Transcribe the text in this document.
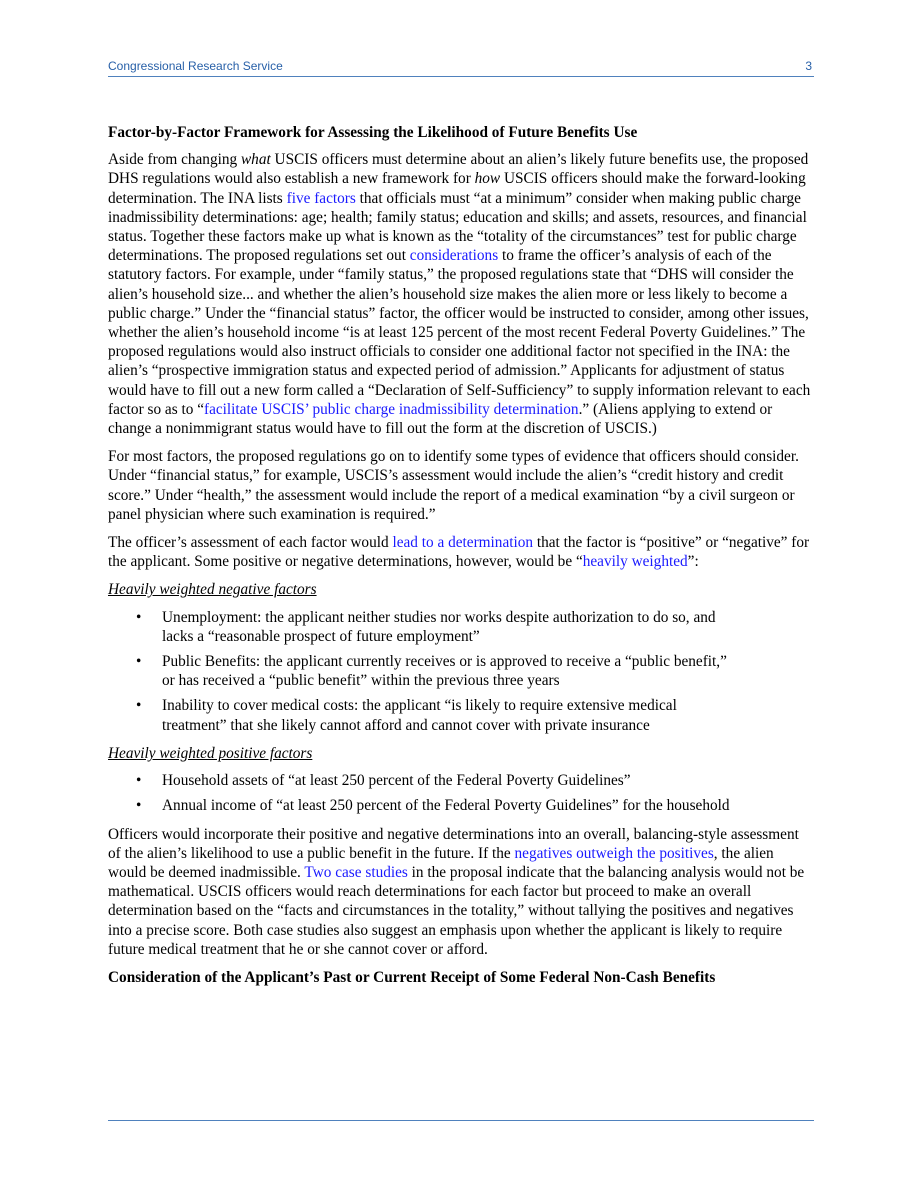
Congressional Research Service	3
Factor-by-Factor Framework for Assessing the Likelihood of Future Benefits Use

Aside from changing what USCIS officers must determine about an alien’s likely future benefits use, the proposed DHS regulations would also establish a new framework for how USCIS officers should make the forward-looking determination. The INA lists five factors that officials must “at a minimum” consider when making public charge inadmissibility determinations: age; health; family status; education and skills; and assets, resources, and financial status. Together these factors make up what is known as the “totality of the circumstances” test for public charge determinations. The proposed regulations set out considerations to frame the officer’s analysis of each of the statutory factors. For example, under “family status,” the proposed regulations state that “DHS will consider the alien’s household size... and whether the alien’s household size makes the alien more or less likely to become a public charge.” Under the “financial status” factor, the officer would be instructed to consider, among other issues, whether the alien’s household income “is at least 125 percent of the most recent Federal Poverty Guidelines.” The proposed regulations would also instruct officials to consider one additional factor not specified in the INA: the alien’s “prospective immigration status and expected period of admission.” Applicants for adjustment of status would have to fill out a new form called a “Declaration of Self-Sufficiency” to supply information relevant to each factor so as to “facilitate USCIS’ public charge inadmissibility determination.” (Aliens applying to extend or change a nonimmigrant status would have to fill out the form at the discretion of USCIS.)

For most factors, the proposed regulations go on to identify some types of evidence that officers should consider. Under “financial status,” for example, USCIS’s assessment would include the alien’s “credit history and credit score.” Under “health,” the assessment would include the report of a medical examination “by a civil surgeon or panel physician where such examination is required.”

The officer’s assessment of each factor would lead to a determination that the factor is “positive” or “negative” for the applicant. Some positive or negative determinations, however, would be “heavily weighted”:

Heavily weighted negative factors
• Unemployment: the applicant neither studies nor works despite authorization to do so, and lacks a “reasonable prospect of future employment”
• Public Benefits: the applicant currently receives or is approved to receive a “public benefit,” or has received a “public benefit” within the previous three years
• Inability to cover medical costs: the applicant “is likely to require extensive medical treatment” that she likely cannot afford and cannot cover with private insurance
Heavily weighted positive factors
• Household assets of “at least 250 percent of the Federal Poverty Guidelines”
• Annual income of “at least 250 percent of the Federal Poverty Guidelines” for the household

Officers would incorporate their positive and negative determinations into an overall, balancing-style assessment of the alien’s likelihood to use a public benefit in the future. If the negatives outweigh the positives, the alien would be deemed inadmissible. Two case studies in the proposal indicate that the balancing analysis would not be mathematical. USCIS officers would reach determinations for each factor but proceed to make an overall determination based on the “facts and circumstances in the totality,” without tallying the positives and negatives into a precise score. Both case studies also suggest an emphasis upon whether the applicant is likely to require future medical treatment that he or she cannot cover or afford.

Consideration of the Applicant’s Past or Current Receipt of Some Federal Non-Cash Benefits
